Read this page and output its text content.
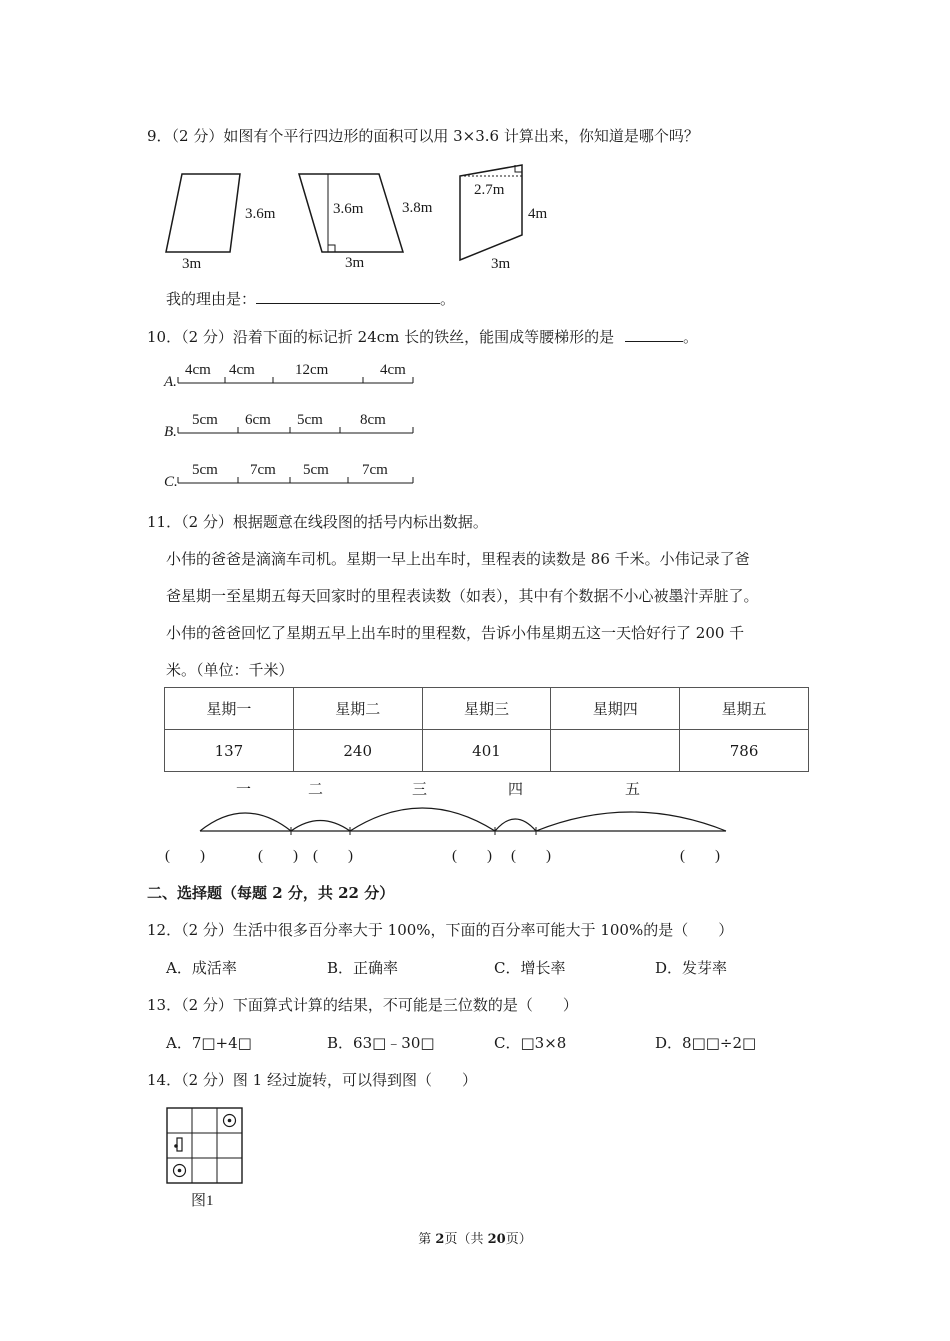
9．（2 分）如图有个平行四边形的面积可以用 3×3.6 计算出来，你知道是哪个吗？
3.6m
3m
3.6m	3.8m
3m
2.7m
4m
3m
我的理由是：	。
10．（2 分）沿着下面的标记折 24cm 长的铁丝，能围成等腰梯形的是	。
A.
4cm 4cm	12cm	4cm
B.
5cm 6cm 5cm 8cm
C.
5cm 7cm 5cm 7cm
11．（2 分）根据题意在线段图的括号内标出数据。
小伟的爸爸是滴滴车司机。星期一早上出车时，里程表的读数是 86 千米。小伟记录了爸
爸星期一至星期五每天回家时的里程表读数（如表），其中有个数据不小心被墨汁弄脏了。
小伟的爸爸回忆了星期五早上出车时的里程数，告诉小伟星期五这一天恰好行了 200 千
米。（单位：千米）
星期一	星期二	星期三	星期四	星期五
137	240	401		786
一	二	三	四	五
(　　)	(　　) (　　)	(　　) (　　)	(　　)
二、选择题（每题 2 分，共 22 分）
12．（2 分）生活中很多百分率大于 100%，下面的百分率可能大于 100%的是（　　）
A．成活率	B．正确率	C．增长率	D．发芽率
13．（2 分）下面算式计算的结果，不可能是三位数的是（　　）
A．7□+4□	B．63□﹣30□	C．□3×8	D．8□□÷2□
14．（2 分）图 1 经过旋转，可以得到图（　　）
图1
第 2页（共 20页）
